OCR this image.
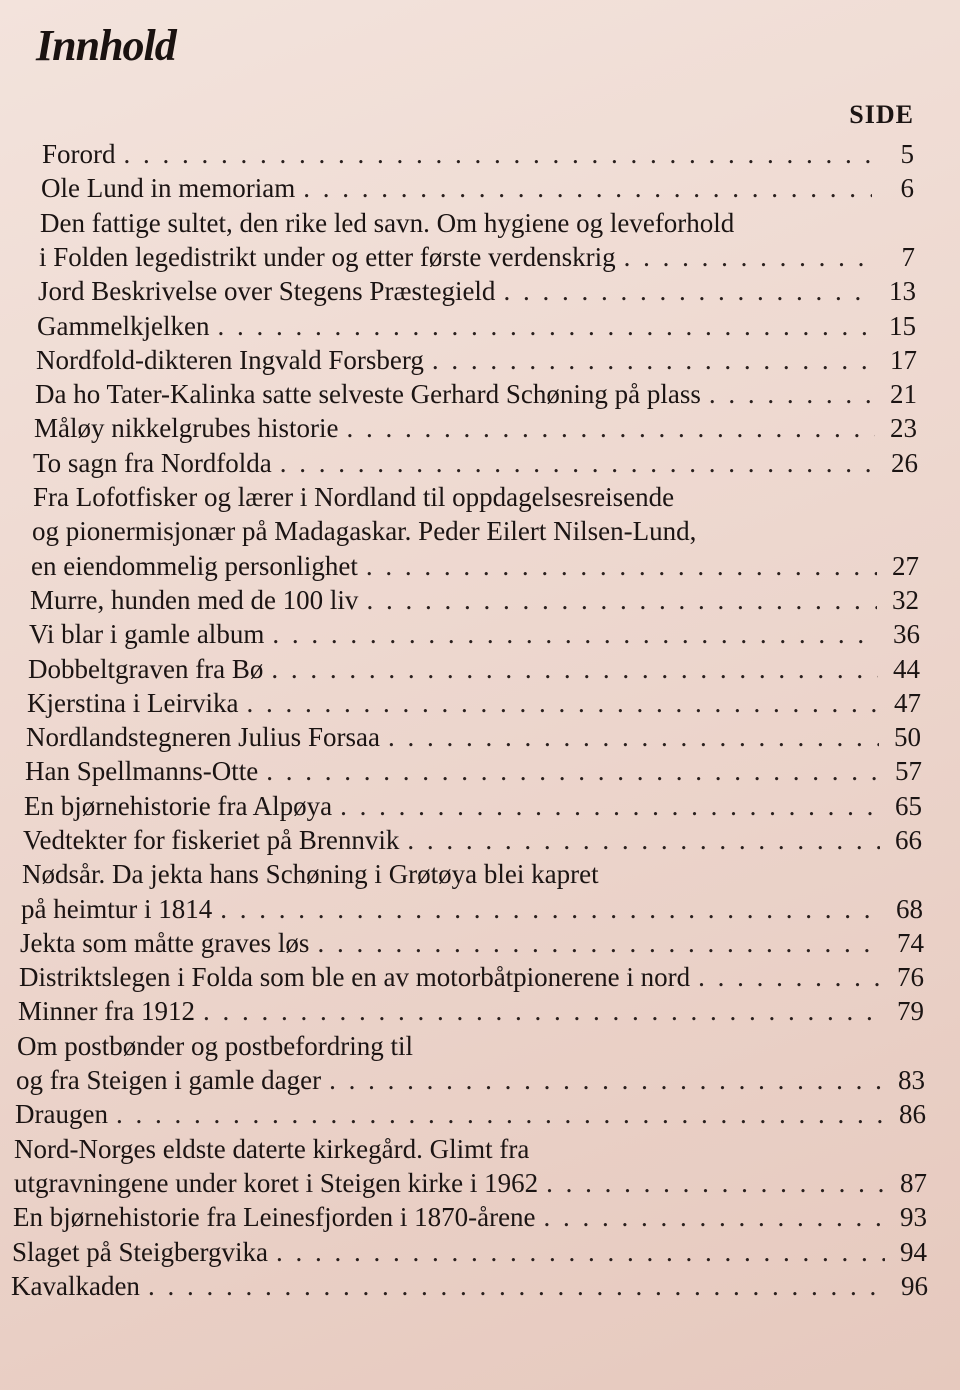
Innhold
SIDE
Forord . . .	5
Ole Lund in memoriam . . .	6
Den fattige sultet, den rike led savn. Om hygiene og leveforhold
i Folden legedistrikt under og etter første verdenskrig . . .	7
Jord Beskrivelse over Stegens Præstegield . . .	13
Gammelkjelken . . .	15
Nordfold-dikteren Ingvald Forsberg . . .	17
Da ho Tater-Kalinka satte selveste Gerhard Schøning på plass . . .	21
Måløy nikkelgrubes historie . . .	23
To sagn fra Nordfolda . . .	26
Fra Lofotfisker og lærer i Nordland til oppdagelsesreisende
og pionermisjonær på Madagaskar. Peder Eilert Nilsen-Lund,
en eiendommelig personlighet . . .	27
Murre, hunden med de 100 liv . . .	32
Vi blar i gamle album . . .	36
Dobbeltgraven fra Bø . . .	44
Kjerstina i Leirvika . . .	47
Nordlandstegneren Julius Forsaa . . .	50
Han Spellmanns-Otte . . .	57
En bjørnehistorie fra Alpøya . . .	65
Vedtekter for fiskeriet på Brennvik . . .	66
Nødsår. Da jekta hans Schøning i Grøtøya blei kapret
på heimtur i 1814 . . .	68
Jekta som måtte graves løs . . .	74
Distriktslegen i Folda som ble en av motorbåtpionerene i nord . . .	76
Minner fra 1912 . . .	79
Om postbønder og postbefordring til
og fra Steigen i gamle dager . . .	83
Draugen . . .	86
Nord-Norges eldste daterte kirkegård. Glimt fra
utgravningene under koret i Steigen kirke i 1962 . . .	87
En bjørnehistorie fra Leinesfjorden i 1870-årene . . .	93
Slaget på Steigbergvika . . .	94
Kavalkaden . . .	96
